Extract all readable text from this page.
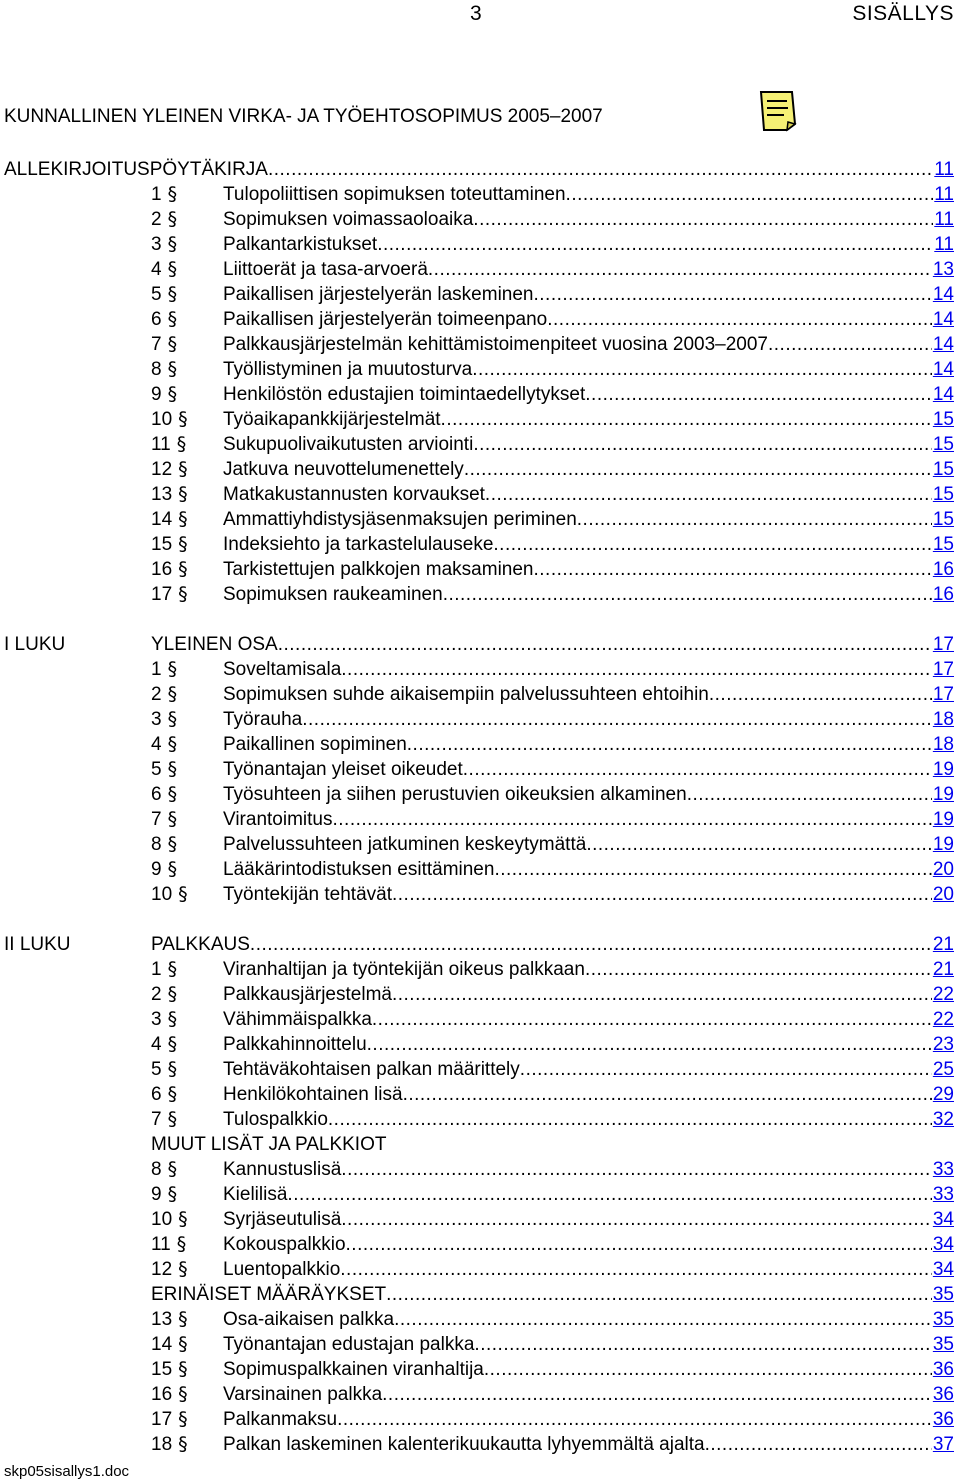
3	SISÄLLYS
KUNNALLINEN YLEINEN VIRKA- JA TYÖEHTOSOPIMUS 2005–2007
ALLEKIRJOITUSPÖYTÄKIRJA .....	11
1 §	Tulopoliittisen sopimuksen toteuttaminen .....	11
2 §	Sopimuksen voimassaoloaika .....	11
3 §	Palkantarkistukset .....	11
4 §	Liittoerät ja tasa-arvoerä .....	13
5 §	Paikallisen järjestelyerän laskeminen .....	14
6 §	Paikallisen järjestelyerän toimeenpano .....	14
7 §	Palkkausjärjestelmän kehittämistoimenpiteet vuosina 2003–2007 .....	14
8 §	Työllistyminen ja muutosturva .....	14
9 §	Henkilöstön edustajien toimintaedellytykset .....	14
10 § Työaikapankkijärjestelmät .....	15
11 § Sukupuolivaikutusten arviointi .....	15
12 § Jatkuva neuvottelumenettely .....	15
13 § Matkakustannusten korvaukset .....	15
14 § Ammattiyhdistysjäsenmaksujen periminen .....	15
15 § Indeksiehto ja tarkastelulauseke .....	15
16 § Tarkistettujen palkkojen maksaminen .....	16
17 § Sopimuksen raukeaminen .....	16
I LUKU	YLEINEN OSA .....	17
1 §	Soveltamisala .....	17
2 §	Sopimuksen suhde aikaisempiin palvelussuhteen ehtoihin .....	17
3 §	Työrauha .....	18
4 §	Paikallinen sopiminen .....	18
5 §	Työnantajan yleiset oikeudet .....	19
6 §	Työsuhteen ja siihen perustuvien oikeuksien alkaminen .....	19
7 §	Virantoimitus .....	19
8 §	Palvelussuhteen jatkuminen keskeytymättä .....	19
9 §	Lääkärintodistuksen esittäminen .....	20
10 § Työntekijän tehtävät .....	20
II LUKU	PALKKAUS .....	21
1 §	Viranhaltijan ja työntekijän oikeus palkkaan .....	21
2 §	Palkkausjärjestelmä .....	22
3 §	Vähimmäispalkka .....	22
4 §	Palkkahinnoittelu .....	23
5 §	Tehtäväkohtaisen palkan määrittely .....	25
6 §	Henkilökohtainen lisä .....	29
7 §	Tulospalkkio .....	32
MUUT LISÄT JA PALKKIOT
8 §	Kannustuslisä .....	33
9 §	Kielilisä .....	33
10 § Syrjäseutulisä .....	34
11 § Kokouspalkkio .....	34
12 § Luentopalkkio .....	34
ERINÄISET MÄÄRÄYKSET .....	35
13 § Osa-aikaisen palkka .....	35
14 § Työnantajan edustajan palkka .....	35
15 § Sopimuspalkkainen viranhaltija .....	36
16 § Varsinainen palkka .....	36
17 § Palkanmaksu .....	36
18 § Palkan laskeminen kalenterikuukautta lyhyemmältä ajalta .....	37
skp05sisallys1.doc
